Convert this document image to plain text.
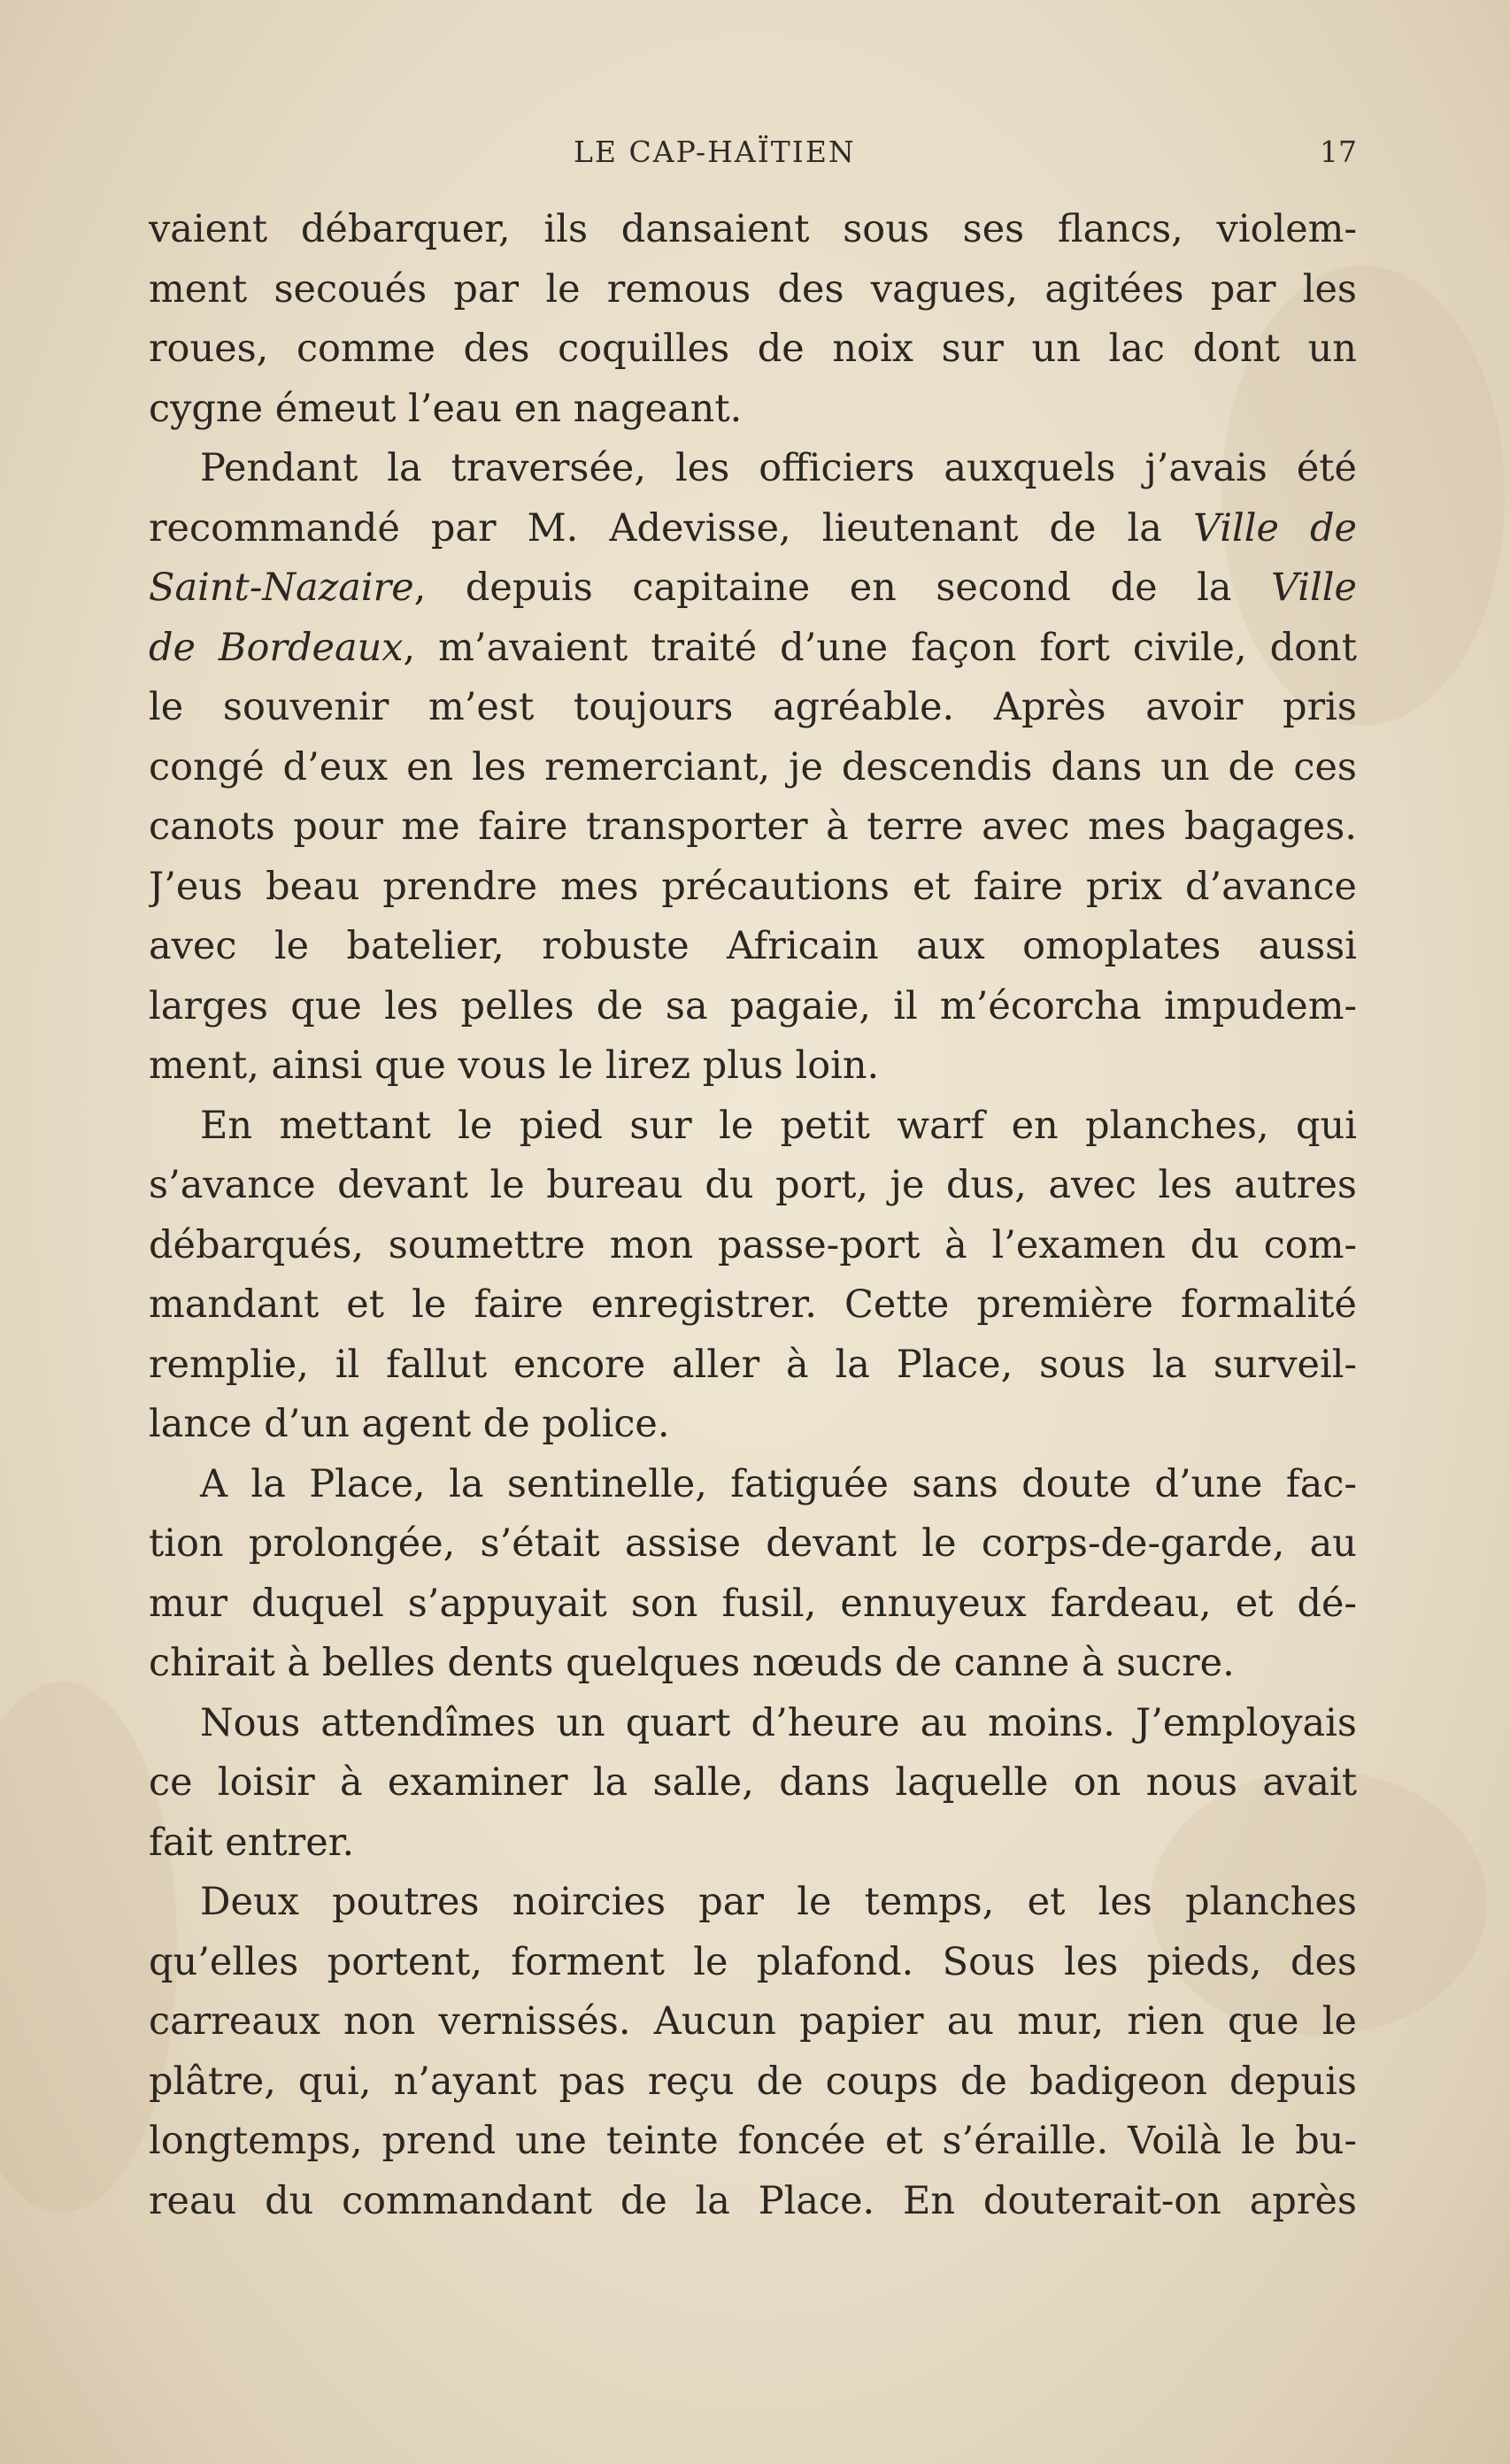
LE CAP-HAÏTIEN	17
vaient débarquer, ils dansaient sous ses flancs, violem-
ment secoués par le remous des vagues, agitées par les
roues, comme des coquilles de noix sur un lac dont un
cygne émeut l’eau en nageant.
Pendant la traversée, les officiers auxquels j’avais été
recommandé par M. Adevisse, lieutenant de la Ville de
Saint-Nazaire, depuis capitaine en second de la Ville
de Bordeaux, m’avaient traité d’une façon fort civile, dont
le souvenir m’est toujours agréable. Après avoir pris
congé d’eux en les remerciant, je descendis dans un de ces
canots pour me faire transporter à terre avec mes bagages.
J’eus beau prendre mes précautions et faire prix d’avance
avec le batelier, robuste Africain aux omoplates aussi
larges que les pelles de sa pagaie, il m’écorcha impudem-
ment, ainsi que vous le lirez plus loin.
En mettant le pied sur le petit warf en planches, qui
s’avance devant le bureau du port, je dus, avec les autres
débarqués, soumettre mon passe-port à l’examen du com-
mandant et le faire enregistrer. Cette première formalité
remplie, il fallut encore aller à la Place, sous la surveil-
lance d’un agent de police.
A la Place, la sentinelle, fatiguée sans doute d’une fac-
tion prolongée, s’était assise devant le corps-de-garde, au
mur duquel s’appuyait son fusil, ennuyeux fardeau, et dé-
chirait à belles dents quelques nœuds de canne à sucre.
Nous attendîmes un quart d’heure au moins. J’employais
ce loisir à examiner la salle, dans laquelle on nous avait
fait entrer.
Deux poutres noircies par le temps, et les planches
qu’elles portent, forment le plafond. Sous les pieds, des
carreaux non vernissés. Aucun papier au mur, rien que le
plâtre, qui, n’ayant pas reçu de coups de badigeon depuis
longtemps, prend une teinte foncée et s’éraille. Voilà le bu-
reau du commandant de la Place. En douterait-on après
